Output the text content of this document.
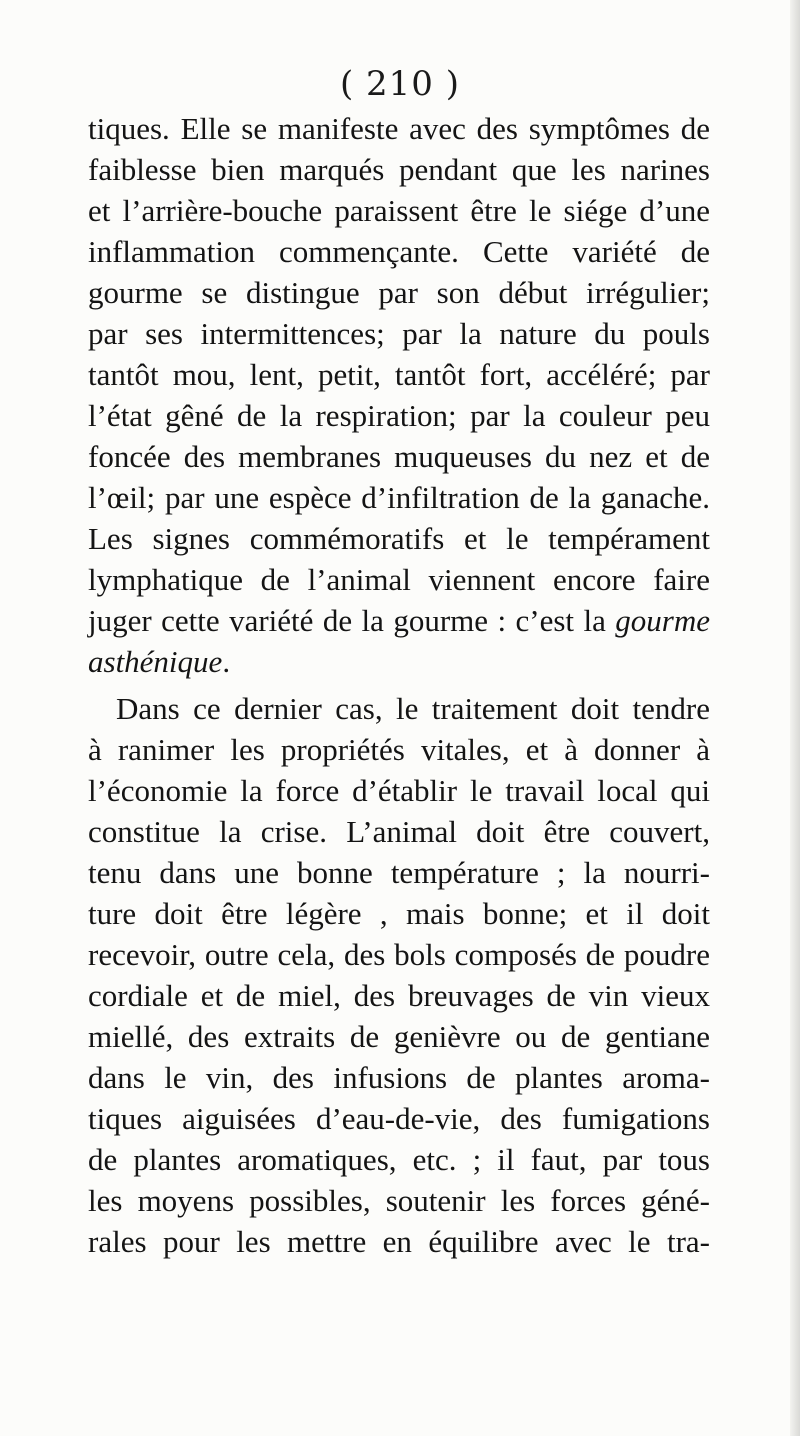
( 210 )
tiques. Elle se manifeste avec des symptômes de
faiblesse bien marqués pendant que les narines
et l’arrière-bouche paraissent être le siége d’une
inflammation commençante. Cette variété de
gourme se distingue par son début irrégulier;
par ses intermittences; par la nature du pouls
tantôt mou, lent, petit, tantôt fort, accéléré; par
l’état gêné de la respiration; par la couleur peu
foncée des membranes muqueuses du nez et de
l’œil; par une espèce d’infiltration de la ganache.
Les signes commémoratifs et le tempérament
lymphatique de l’animal viennent encore faire
juger cette variété de la gourme : c’est la gourme
asthénique.
Dans ce dernier cas, le traitement doit tendre
à ranimer les propriétés vitales, et à donner à
l’économie la force d’établir le travail local qui
constitue la crise. L’animal doit être couvert,
tenu dans une bonne température ; la nourri-
ture doit être légère , mais bonne; et il doit
recevoir, outre cela, des bols composés de poudre
cordiale et de miel, des breuvages de vin vieux
miellé, des extraits de genièvre ou de gentiane
dans le vin, des infusions de plantes aroma-
tiques aiguisées d’eau-de-vie, des fumigations
de plantes aromatiques, etc. ; il faut, par tous
les moyens possibles, soutenir les forces géné-
rales pour les mettre en équilibre avec le tra-
